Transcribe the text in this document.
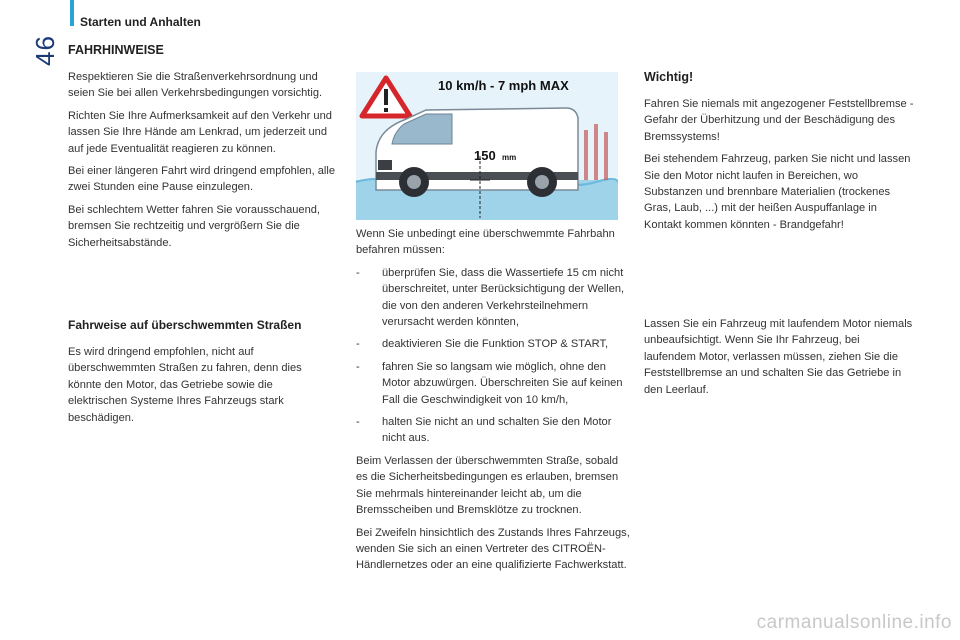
Starten und Anhalten
46 FAHRHINWEISE

Respektieren Sie die Straßenverkehrsordnung und seien Sie bei allen Verkehrsbedingungen vorsichtig.

Richten Sie Ihre Aufmerksamkeit auf den Verkehr und lassen Sie Ihre Hände am Lenkrad, um jederzeit und auf jede Eventualität reagieren zu können.

Bei einer längeren Fahrt wird dringend empfohlen, alle zwei Stunden eine Pause einzulegen.

Bei schlechtem Wetter fahren Sie vorausschauend, bremsen Sie rechtzeitig und vergrößern Sie die Sicherheitsabstände.

Fahrweise auf überschwemmten Straßen

Es wird dringend empfohlen, nicht auf überschwemmten Straßen zu fahren, denn dies könnte den Motor, das Getriebe sowie die elektrischen Systeme Ihres Fahrzeugs stark beschädigen.

10 km/h - 7 mph MAX
150 mm

Wenn Sie unbedingt eine überschwemmte Fahrbahn befahren müssen:

- überprüfen Sie, dass die Wassertiefe 15 cm nicht überschreitet, unter Berücksichtigung der Wellen, die von den anderen Verkehrsteilnehmern verursacht werden könnten,
- deaktivieren Sie die Funktion STOP & START,
- fahren Sie so langsam wie möglich, ohne den Motor abzuwürgen. Überschreiten Sie auf keinen Fall die Geschwindigkeit von 10 km/h,
- halten Sie nicht an und schalten Sie den Motor nicht aus.

Beim Verlassen der überschwemmten Straße, sobald es die Sicherheitsbedingungen es erlauben, bremsen Sie mehrmals hintereinander leicht ab, um die Bremsscheiben und Bremsklötze zu trocknen.

Bei Zweifeln hinsichtlich des Zustands Ihres Fahrzeugs, wenden Sie sich an einen Vertreter des CITROËN-Händlernetzes oder an eine qualifizierte Fachwerkstatt.

Wichtig!

Fahren Sie niemals mit angezogener Feststellbremse - Gefahr der Überhitzung und der Beschädigung des Bremssystems!

Bei stehendem Fahrzeug, parken Sie nicht und lassen Sie den Motor nicht laufen in Bereichen, wo Substanzen und brennbare Materialien (trockenes Gras, Laub, ...) mit der heißen Auspuffanlage in Kontakt kommen könnten - Brandgefahr!

Lassen Sie ein Fahrzeug mit laufendem Motor niemals unbeaufsichtigt. Wenn Sie Ihr Fahrzeug, bei laufendem Motor, verlassen müssen, ziehen Sie die Feststellbremse an und schalten Sie das Getriebe in den Leerlauf.

carmanualsonline.info
